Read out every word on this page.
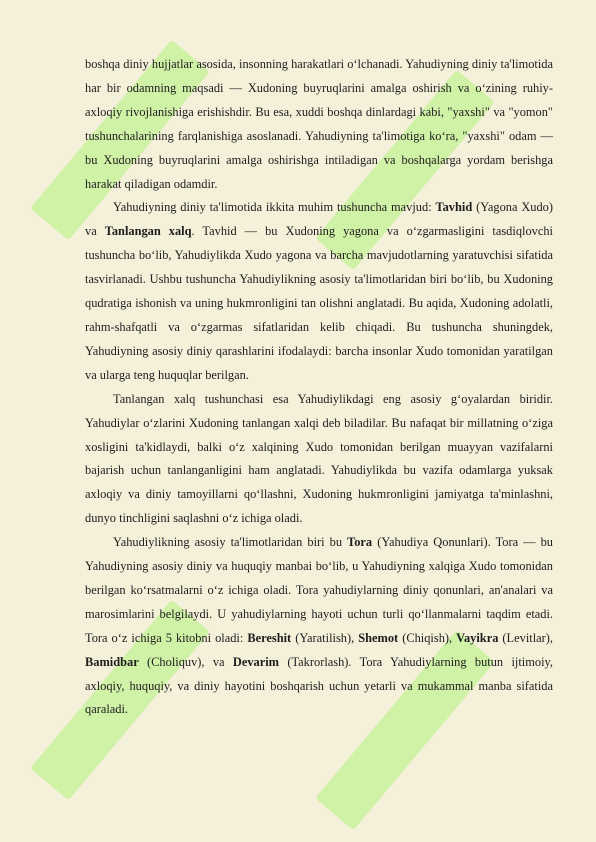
boshqa diniy hujjatlar asosida, insonning harakatlari o‘lchanadi. Yahudiyning diniy ta'limotida har bir odamning maqsadi — Xudoning buyruqlarini amalga oshirish va o‘zining ruhiy-axloqiy rivojlanishiga erishishdir. Bu esa, xuddi boshqa dinlardagi kabi, "yaxshi" va "yomon" tushunchalarining farqlanishiga asoslanadi. Yahudiyning ta'limotiga ko‘ra, "yaxshi" odam — bu Xudoning buyruqlarini amalga oshirishga intiladigan va boshqalarga yordam berishga harakat qiladigan odamdir.

Yahudiyning diniy ta'limotida ikkita muhim tushuncha mavjud: Tavhid (Yagona Xudo) va Tanlangan xalq. Tavhid — bu Xudoning yagona va o‘zgarmasligini tasdiqlovchi tushuncha bo‘lib, Yahudiylikda Xudo yagona va barcha mavjudotlarning yaratuvchisi sifatida tasvirlanadi. Ushbu tushuncha Yahudiylikning asosiy ta'limotlaridan biri bo‘lib, bu Xudoning qudratiga ishonish va uning hukmronligini tan olishni anglatadi. Bu aqida, Xudoning adolatli, rahm-shafqatli va o‘zgarmas sifatlaridan kelib chiqadi. Bu tushuncha shuningdek, Yahudiyning asosiy diniy qarashlarini ifodalaydi: barcha insonlar Xudo tomonidan yaratilgan va ularga teng huquqlar berilgan.

Tanlangan xalq tushunchasi esa Yahudiylikdagi eng asosiy g‘oyalardan biridir. Yahudiylar o‘zlarini Xudoning tanlangan xalqi deb biladilar. Bu nafaqat bir millatning o‘ziga xosligini ta'kidlaydi, balki o‘z xalqining Xudo tomonidan berilgan muayyan vazifalarni bajarish uchun tanlanganligini ham anglatadi. Yahudiylikda bu vazifa odamlarga yuksak axloqiy va diniy tamoyillarni qo‘llashni, Xudoning hukmronligini jamiyatga ta'minlashni, dunyo tinchligini saqlashni o‘z ichiga oladi.

Yahudiylikning asosiy ta'limotlaridan biri bu Tora (Yahudiya Qonunlari). Tora — bu Yahudiyning asosiy diniy va huquqiy manbai bo‘lib, u Yahudiyning xalqiga Xudo tomonidan berilgan ko‘rsatmalarni o‘z ichiga oladi. Tora yahudiylarning diniy qonunlari, an'analari va marosimlarini belgilaydi. U yahudiylarning hayoti uchun turli qo‘llanmalarni taqdim etadi. Tora o‘z ichiga 5 kitobni oladi: Bereshit (Yaratilish), Shemot (Chiqish), Vayikra (Levitlar), Bamidbar (Choliquv), va Devarim (Takrorlash). Tora Yahudiylarning butun ijtimoiy, axloqiy, huquqiy, va diniy hayotini boshqarish uchun yetarli va mukammal manba sifatida qaraladi.
